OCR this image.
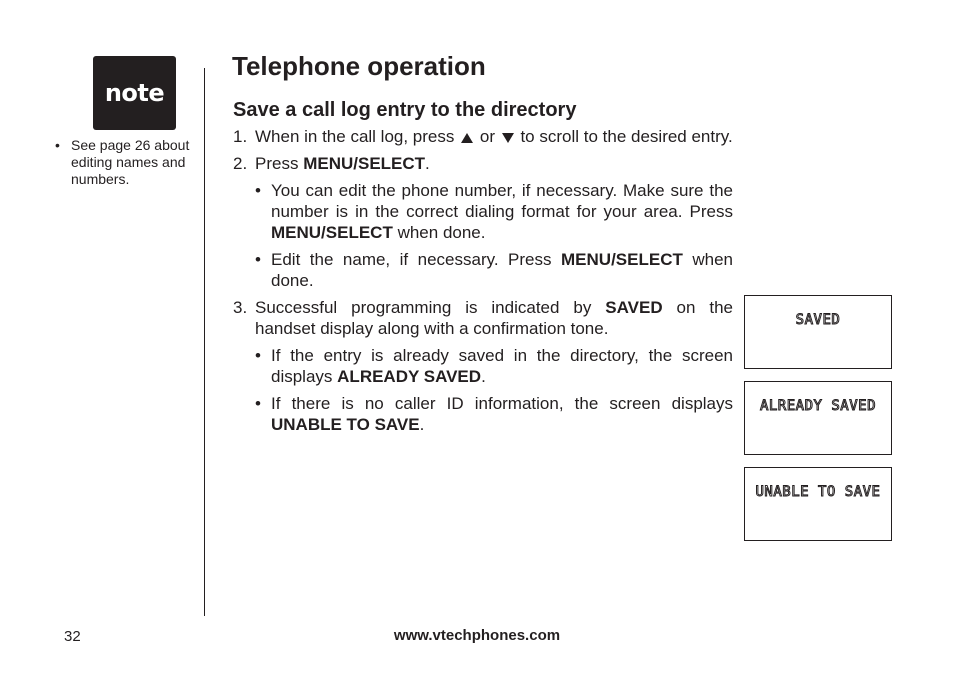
note
• See page 26 about editing names and numbers.
Telephone operation
Save a call log entry to the directory
1. When in the call log, press or to scroll to the desired entry.
2. Press MENU/SELECT.
• You can edit the phone number, if necessary. Make sure the number is in the correct dialing format for your area. Press MENU/SELECT when done.
• Edit the name, if necessary. Press MENU/SELECT when done.
3. Successful programming is indicated by SAVED on the handset display along with a confirmation tone.
• If the entry is already saved in the directory, the screen displays ALREADY SAVED.
• If there is no caller ID information, the screen displays UNABLE TO SAVE.
SAVED
ALREADY SAVED
UNABLE TO SAVE
32	www.vtechphones.com
